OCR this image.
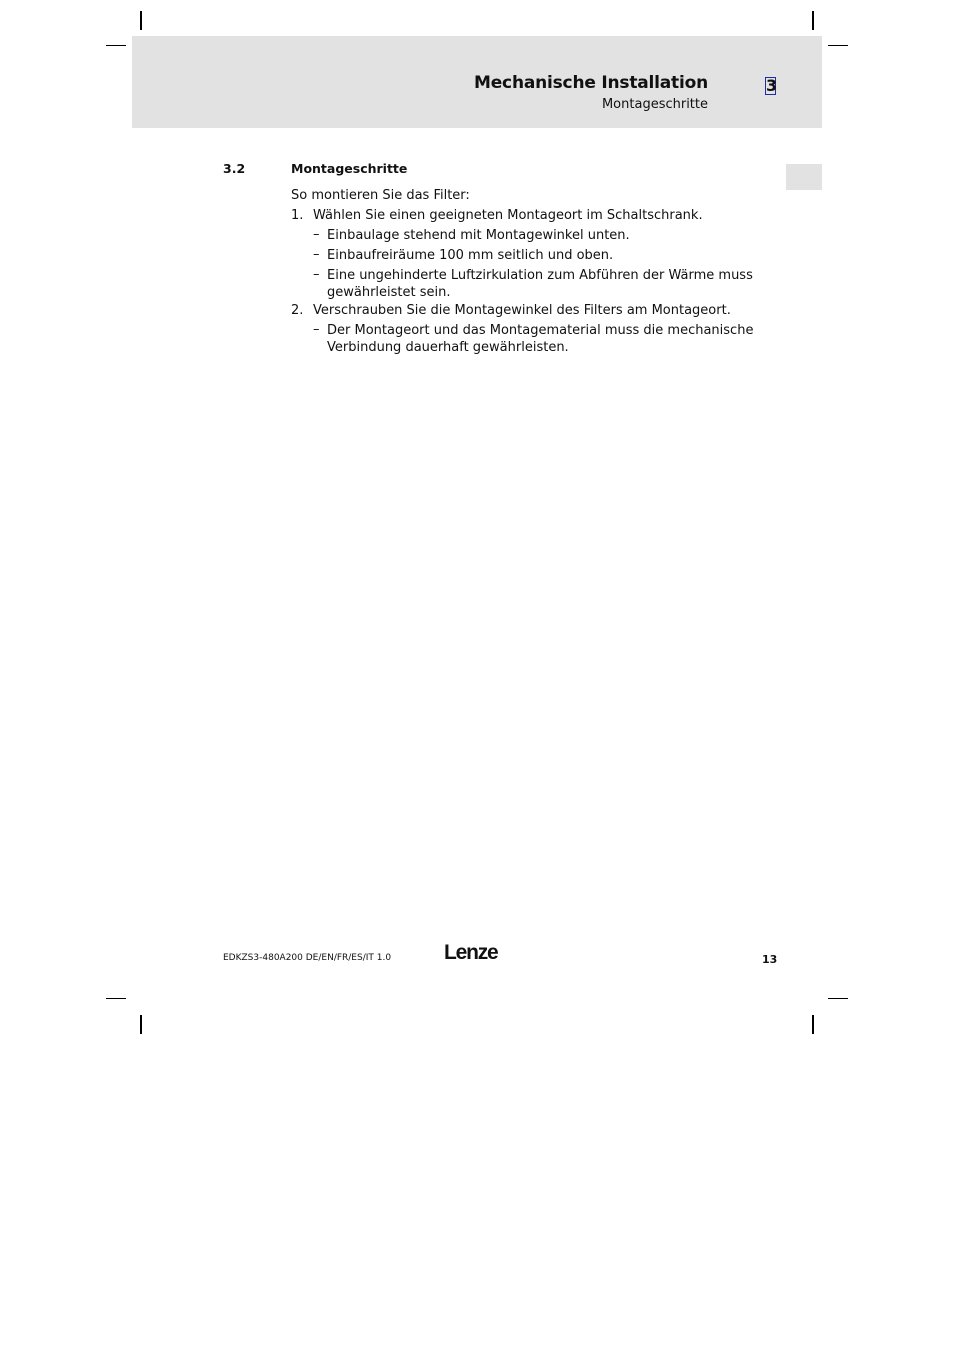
Mechanische Installation
Montageschritte
3
3.2	Montageschritte
So montieren Sie das Filter:
1. Wählen Sie einen geeigneten Montageort im Schaltschrank.
– Einbaulage stehend mit Montagewinkel unten.
– Einbaufreiräume 100 mm seitlich und oben.
– Eine ungehinderte Luftzirkulation zum Abführen der Wärme muss
gewährleistet sein.
2. Verschrauben Sie die Montagewinkel des Filters am Montageort.
– Der Montageort und das Montagematerial muss die mechanische
Verbindung dauerhaft gewährleisten.
EDKZS3-480A200 DE/EN/FR/ES/IT 1.0	Lenze	13
